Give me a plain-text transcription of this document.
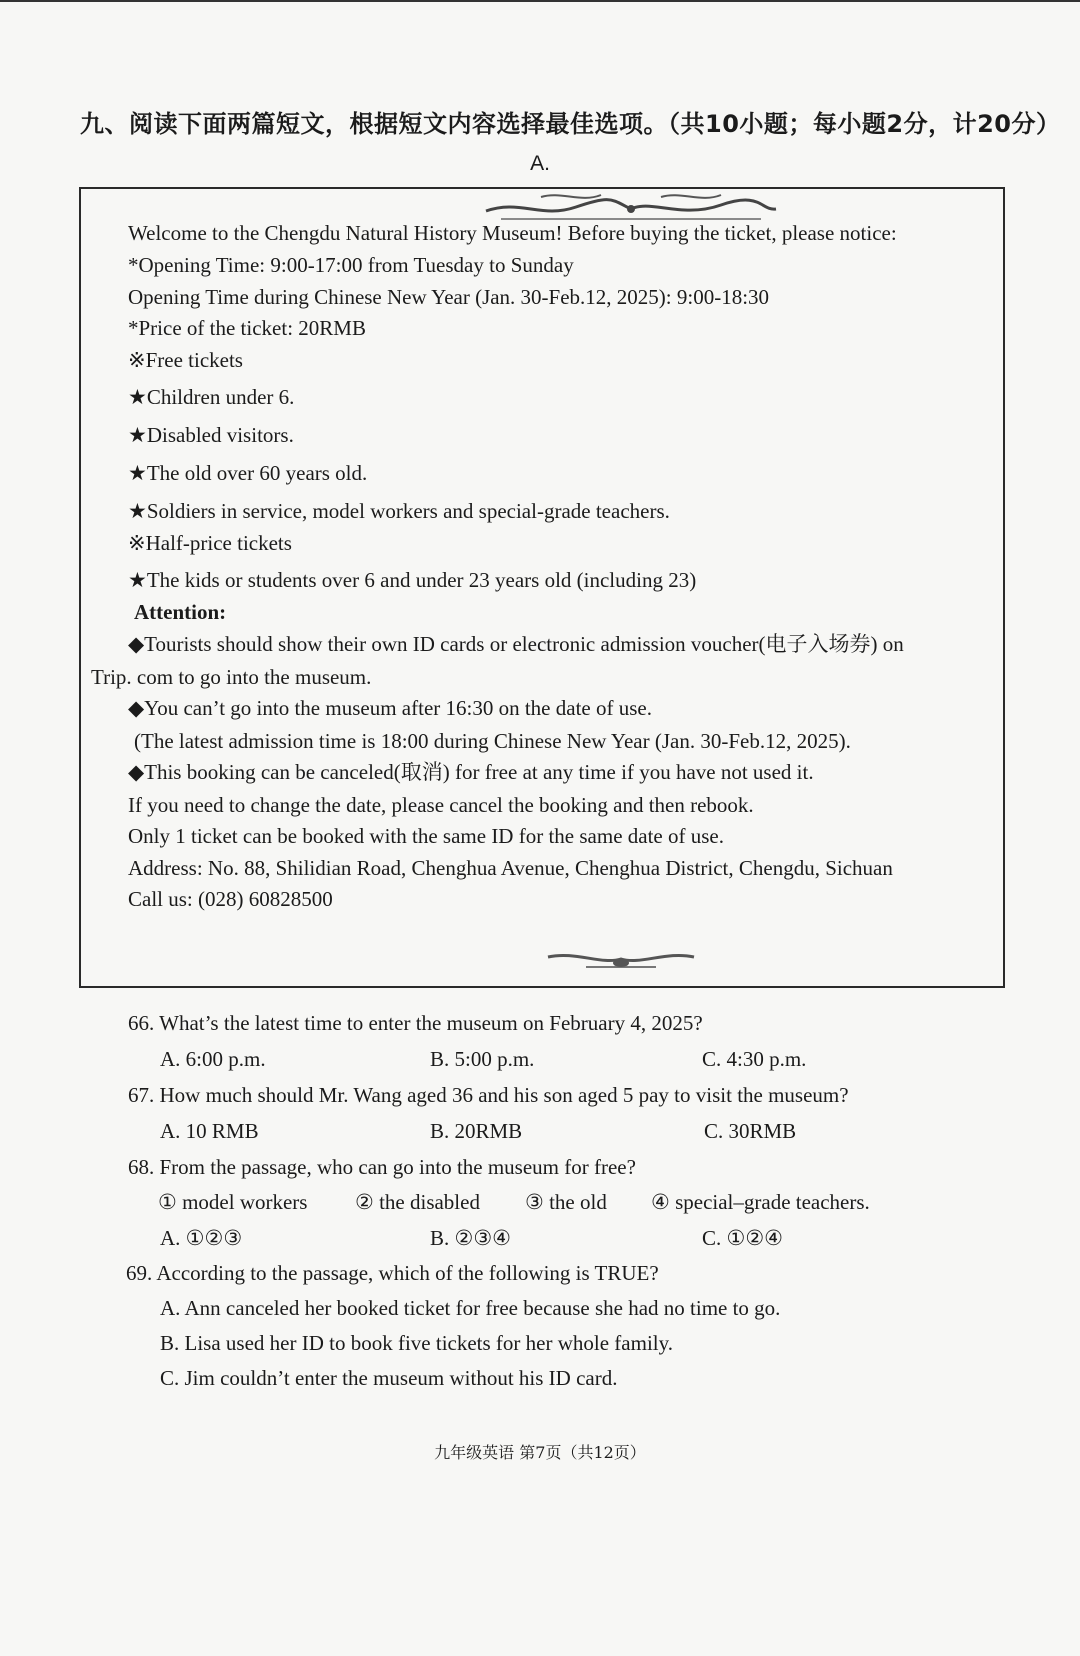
九、阅读下面两篇短文，根据短文内容选择最佳选项。（共10小题；每小题2分，计20分）
A.
Welcome to the Chengdu Natural History Museum! Before buying the ticket, please notice:
*Opening Time: 9:00-17:00 from Tuesday to Sunday
Opening Time during Chinese New Year (Jan. 30-Feb.12, 2025): 9:00-18:30
*Price of the ticket: 20RMB
※Free tickets
★Children under 6.
★Disabled visitors.
★The old over 60 years old.
★Soldiers in service, model workers and special-grade teachers.
※Half-price tickets
★The kids or students over 6 and under 23 years old (including 23)
Attention:
◆Tourists should show their own ID cards or electronic admission voucher(电子入场券) on
Trip. com to go into the museum.
◆You can’t go into the museum after 16:30 on the date of use.
(The latest admission time is 18:00 during Chinese New Year (Jan. 30-Feb.12, 2025).
◆This booking can be canceled(取消) for free at any time if you have not used it.
If you need to change the date, please cancel the booking and then rebook.
Only 1 ticket can be booked with the same ID for the same date of use.
Address: No. 88, Shilidian Road, Chenghua Avenue, Chenghua District, Chengdu, Sichuan
Call us: (028) 60828500
66. What’s the latest time to enter the museum on February 4, 2025?
A. 6:00 p.m.	B. 5:00 p.m.	C. 4:30 p.m.
67. How much should Mr. Wang aged 36 and his son aged 5 pay to visit the museum?
A. 10 RMB	B. 20RMB	C. 30RMB
68. From the passage, who can go into the museum for free?
① model workers ② the disabled ③ the old ④ special–grade teachers.
A. ①②③	B. ②③④	C. ①②④
69. According to the passage, which of the following is TRUE?
A. Ann canceled her booked ticket for free because she had no time to go.
B. Lisa used her ID to book five tickets for her whole family.
C. Jim couldn’t enter the museum without his ID card.
九年级英语 第7页（共12页）
